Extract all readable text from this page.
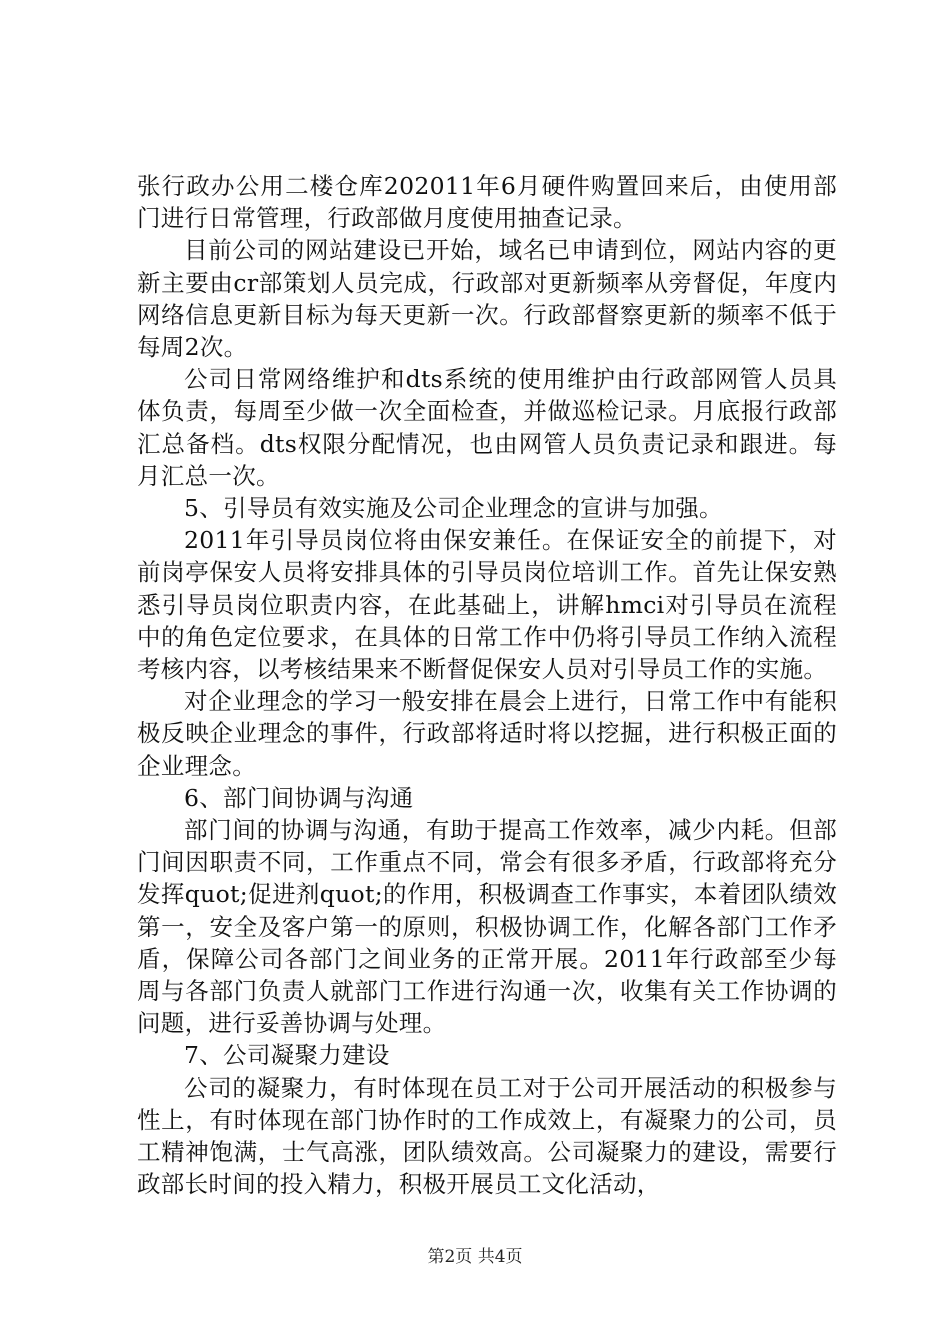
张行政办公用二楼仓库202011年6月硬件购置回来后，由使用部门进行日常管理，行政部做月度使用抽查记录。

目前公司的网站建设已开始，域名已申请到位，网站内容的更新主要由cr部策划人员完成，行政部对更新频率从旁督促，年度内网络信息更新目标为每天更新一次。行政部督察更新的频率不低于每周2次。

公司日常网络维护和dts系统的使用维护由行政部网管人员具体负责，每周至少做一次全面检查，并做巡检记录。月底报行政部汇总备档。dts权限分配情况，也由网管人员负责记录和跟进。每月汇总一次。

5、引导员有效实施及公司企业理念的宣讲与加强。

2011年引导员岗位将由保安兼任。在保证安全的前提下，对前岗亭保安人员将安排具体的引导员岗位培训工作。首先让保安熟悉引导员岗位职责内容，在此基础上，讲解hmci对引导员在流程中的角色定位要求，在具体的日常工作中仍将引导员工作纳入流程考核内容，以考核结果来不断督促保安人员对引导员工作的实施。

对企业理念的学习一般安排在晨会上进行，日常工作中有能积极反映企业理念的事件，行政部将适时将以挖掘，进行积极正面的企业理念。

6、部门间协调与沟通

部门间的协调与沟通，有助于提高工作效率，减少内耗。但部门间因职责不同，工作重点不同，常会有很多矛盾，行政部将充分发挥quot;促进剂quot;的作用，积极调查工作事实，本着团队绩效第一，安全及客户第一的原则，积极协调工作，化解各部门工作矛盾，保障公司各部门之间业务的正常开展。2011年行政部至少每周与各部门负责人就部门工作进行沟通一次，收集有关工作协调的问题，进行妥善协调与处理。

7、公司凝聚力建设

公司的凝聚力，有时体现在员工对于公司开展活动的积极参与性上，有时体现在部门协作时的工作成效上，有凝聚力的公司，员工精神饱满，士气高涨，团队绩效高。公司凝聚力的建设，需要行政部长时间的投入精力，积极开展员工文化活动，

第2页 共4页
